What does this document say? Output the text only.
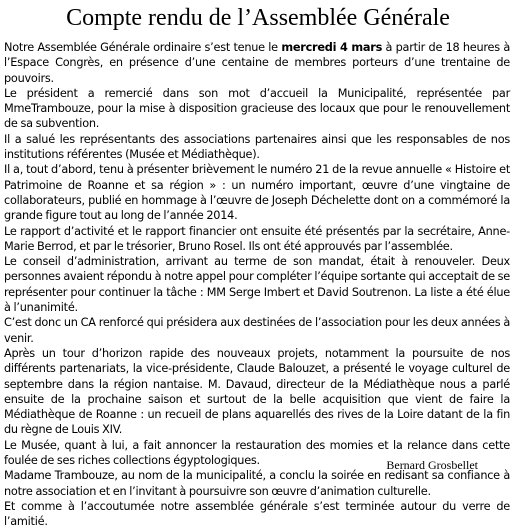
Compte rendu de l’Assemblée Générale

Notre Assemblée Générale ordinaire s’est tenue le mercredi 4 mars à partir de 18 heures à l’Espace Congrès, en présence d’une centaine de membres porteurs d’une trentaine de pouvoirs.

Le président a remercié dans son mot d’accueil la Municipalité, représentée par MmeTrambouze, pour la mise à disposition gracieuse des locaux que pour le renouvellement de sa subvention.

Il a salué les représentants des associations partenaires ainsi que les responsables de nos institutions référentes (Musée et Médiathèque).

Il a, tout d’abord, tenu à présenter brièvement le numéro 21 de la revue annuelle « Histoire et Patrimoine de Roanne et sa région » : un numéro important, œuvre d’une vingtaine de collaborateurs, publié en hommage à l’œuvre de Joseph Déchelette dont on a commémoré la grande figure tout au long de l’année 2014.

Le rapport d’activité et le rapport financier ont ensuite été présentés par la secrétaire, Anne-Marie Berrod, et par le trésorier, Bruno Rosel. Ils ont été approuvés par l’assemblée.

Le conseil d’administration, arrivant au terme de son mandat, était à renouveler. Deux personnes avaient répondu à notre appel pour compléter l’équipe sortante qui acceptait de se représenter pour continuer la tâche : MM Serge Imbert et David Soutrenon. La liste a été élue à l’unanimité.

C’est donc un CA renforcé qui présidera aux destinées de l’association pour les deux années à venir.

Après un tour d’horizon rapide des nouveaux projets, notamment la poursuite de nos différents partenariats, la vice-présidente, Claude Balouzet, a présenté le voyage culturel de septembre dans la région nantaise. M. Davaud, directeur de la Médiathèque nous a parlé ensuite de la prochaine saison et surtout de la belle acquisition que vient de faire la Médiathèque de Roanne : un recueil de plans aquarellés des rives de la Loire datant de la fin du règne de Louis XIV.

Le Musée, quant à lui, a fait annoncer la restauration des momies et la relance dans cette foulée de ses riches collections égyptologiques.

Madame Trambouze, au nom de la municipalité, a conclu la soirée en redisant sa confiance à notre association et en l’invitant à poursuivre son œuvre d’animation culturelle.

Et comme à l’accoutumée notre assemblée générale s’est terminée autour du verre de l’amitié.

Bernard Grosbellet
